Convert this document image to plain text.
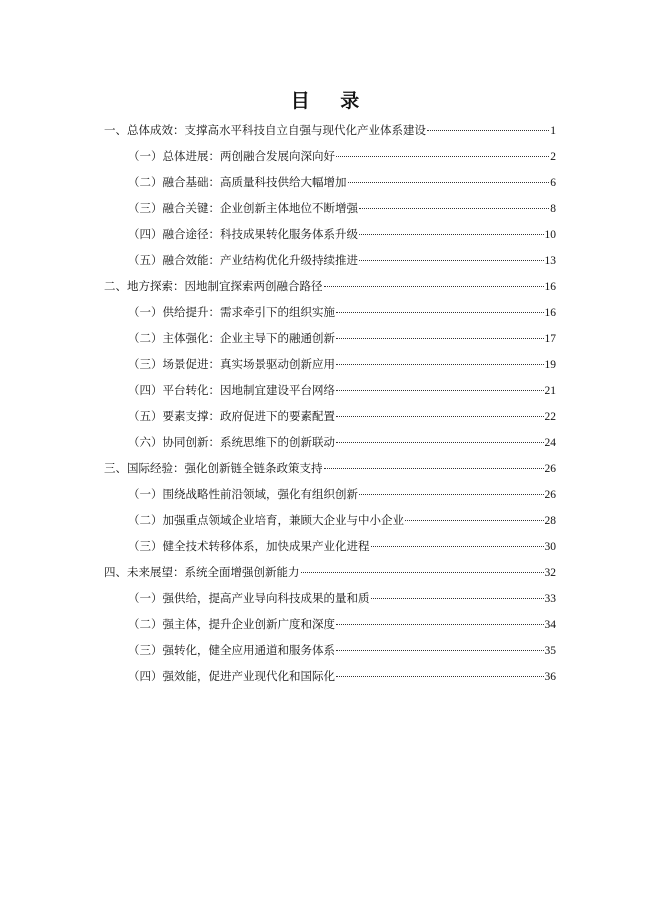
目 录
一、总体成效：支撑高水平科技自立自强与现代化产业体系建设	1
（一）总体进展：两创融合发展向深向好	2
（二）融合基础：高质量科技供给大幅增加	6
（三）融合关键：企业创新主体地位不断增强	8
（四）融合途径：科技成果转化服务体系升级	10
（五）融合效能：产业结构优化升级持续推进	13
二、地方探索：因地制宜探索两创融合路径	16
（一）供给提升：需求牵引下的组织实施	16
（二）主体强化：企业主导下的融通创新	17
（三）场景促进：真实场景驱动创新应用	19
（四）平台转化：因地制宜建设平台网络	21
（五）要素支撑：政府促进下的要素配置	22
（六）协同创新：系统思维下的创新联动	24
三、国际经验：强化创新链全链条政策支持	26
（一）围绕战略性前沿领域，强化有组织创新	26
（二）加强重点领域企业培育，兼顾大企业与中小企业	28
（三）健全技术转移体系，加快成果产业化进程	30
四、未来展望：系统全面增强创新能力	32
（一）强供给，提高产业导向科技成果的量和质	33
（二）强主体，提升企业创新广度和深度	34
（三）强转化，健全应用通道和服务体系	35
（四）强效能，促进产业现代化和国际化	36
